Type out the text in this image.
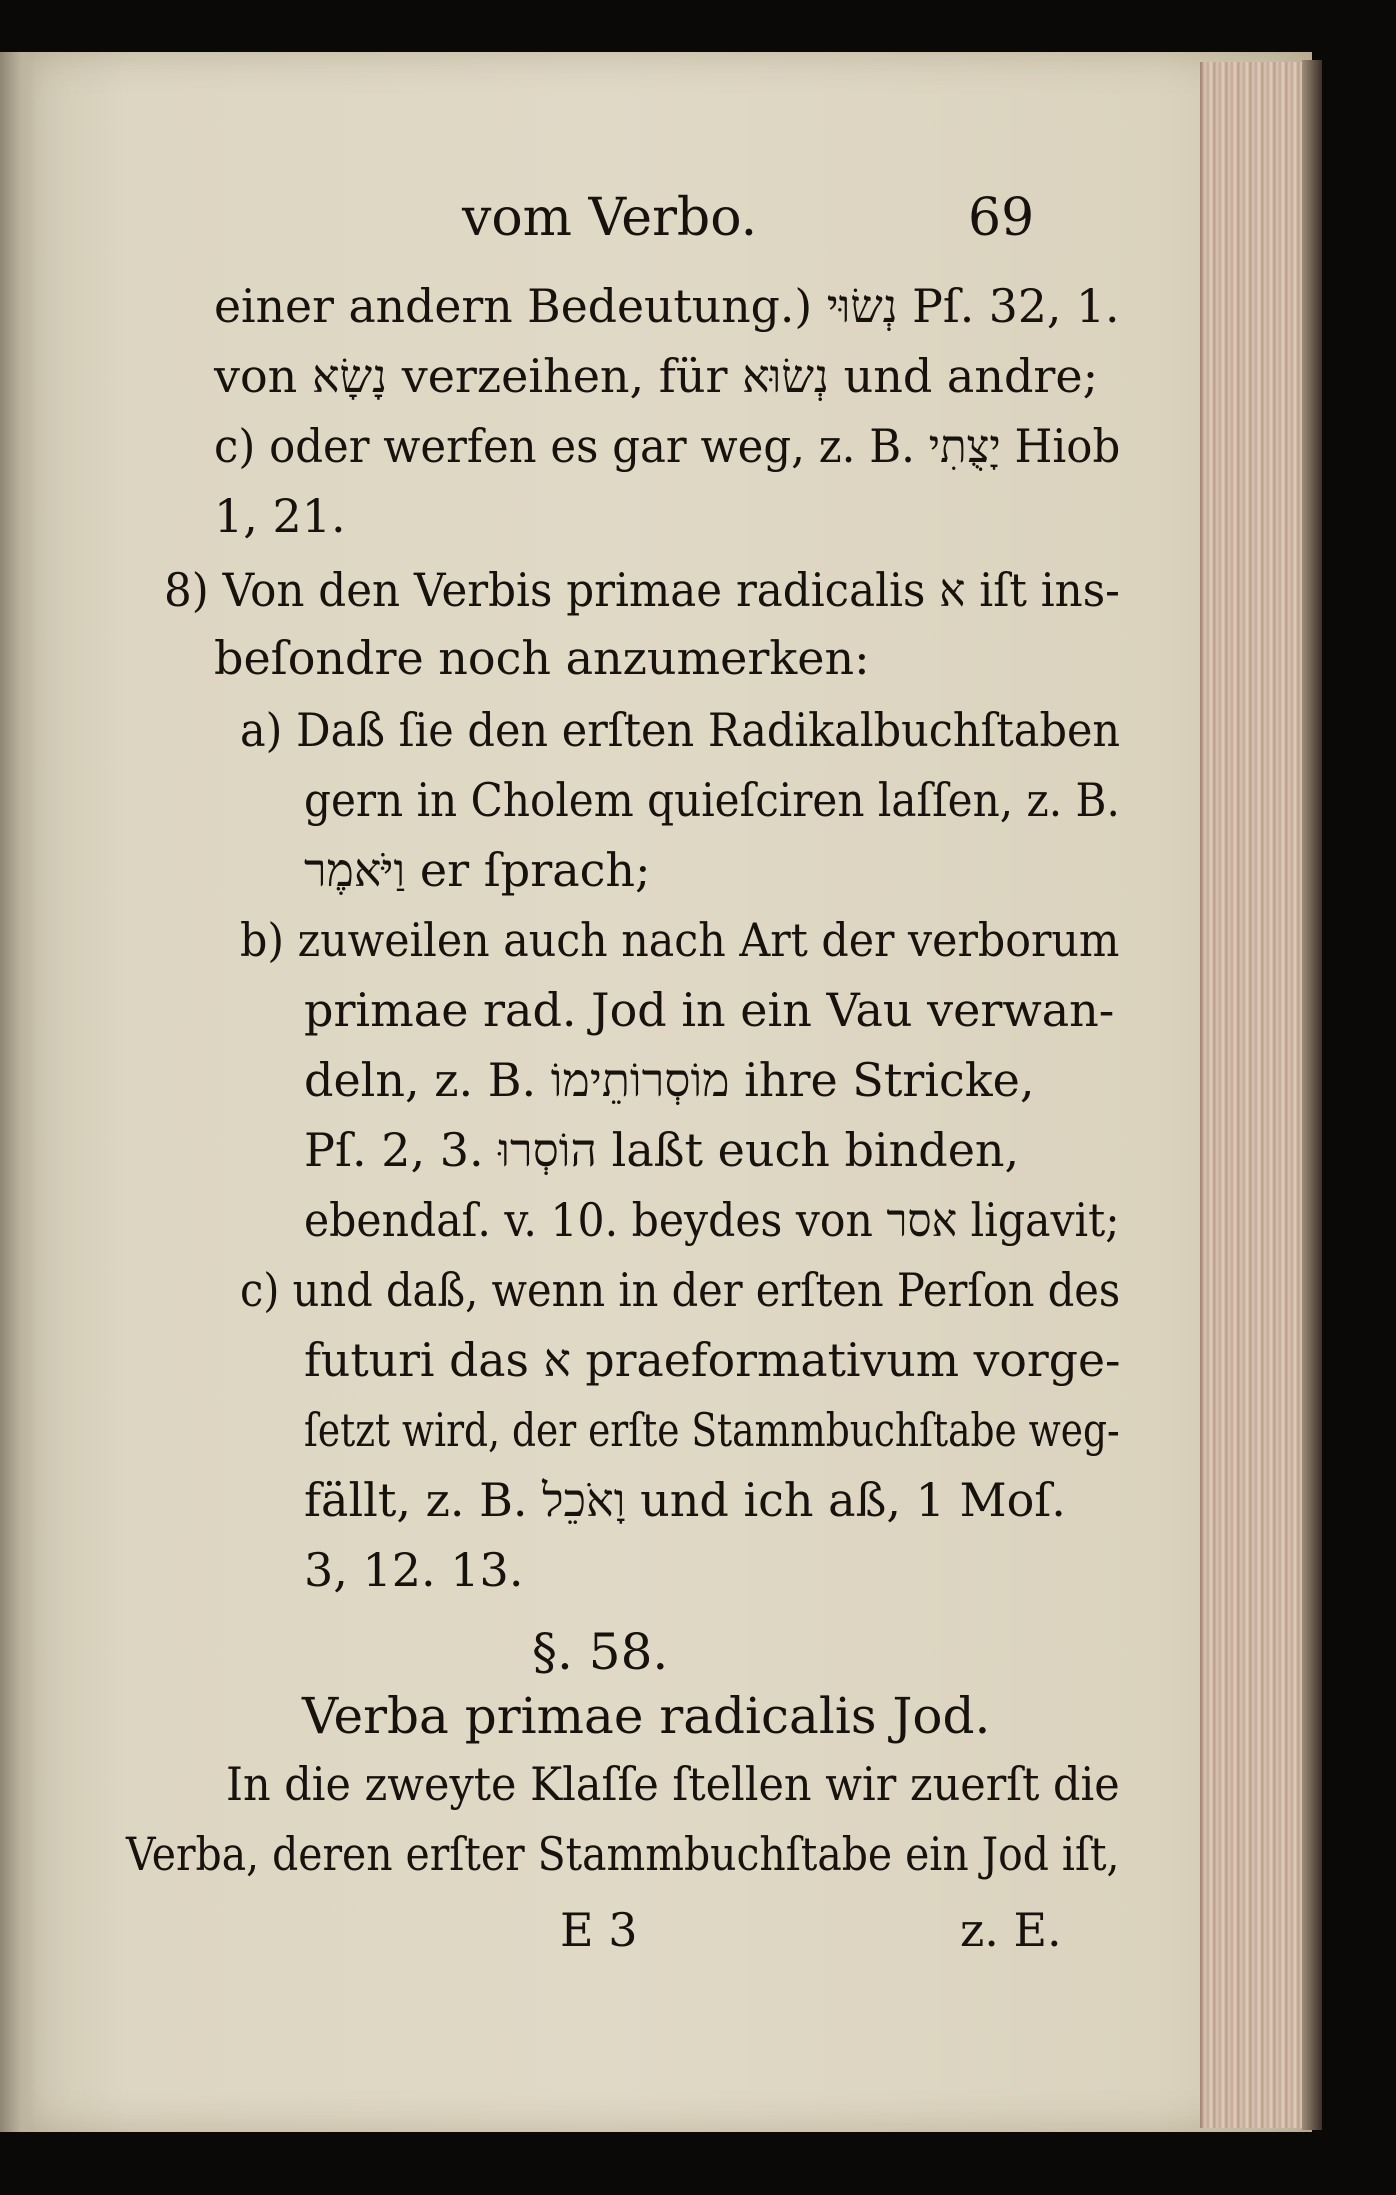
vom Verbo.	69
einer andern Bedeutung.) נְשׂוּי Pſ. 32, 1.
von נָשָׂא verzeihen, für נְשׂוּא und andre;
c) oder werfen es gar weg, z. B. יָצֻתִי Hiob
1, 21.
8) Von den Verbis primae radicalis א iſt ins-
beſondre noch anzumerken:
a) Daß ſie den erſten Radikalbuchſtaben
gern in Cholem quieſciren laſſen, z. B.
וַיֹּאמֶר er ſprach;
b) zuweilen auch nach Art der verborum
primae rad. Jod in ein Vau verwan-
deln, z. B. מוֹסְרוֹתֵימוֹ ihre Stricke,
Pſ. 2, 3. הוֹסְרוּ laßt euch binden,
ebendaſ. v. 10. beydes von אסר ligavit;
c) und daß, wenn in der erſten Perſon des
futuri das א praeformativum vorge-
ſetzt wird, der erſte Stammbuchſtabe weg-
fällt, z. B. וָאֹכֵל und ich aß, 1 Moſ.
3, 12. 13.
§. 58.
Verba primae radicalis Jod.
In die zweyte Klaſſe ſtellen wir zuerſt die
Verba, deren erſter Stammbuchſtabe ein Jod iſt,
E 3	z. E.
